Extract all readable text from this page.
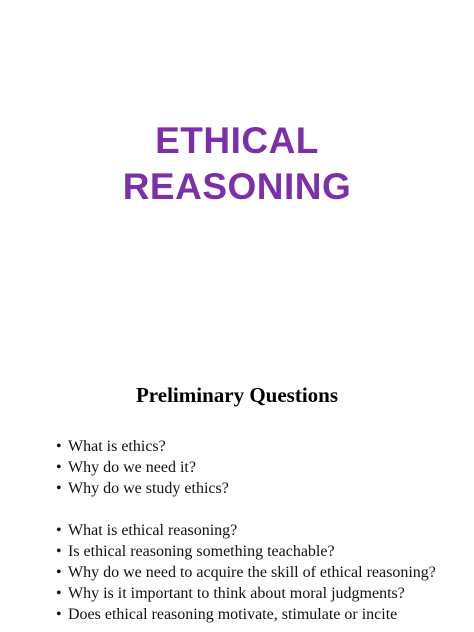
ETHICAL
REASONING
Preliminary Questions
• What is ethics?
• Why do we need it?
• Why do we study ethics?
• What is ethical reasoning?
• Is ethical reasoning something teachable?
• Why do we need to acquire the skill of ethical reasoning?
• Why is it important to think about moral judgments?
• Does ethical reasoning motivate, stimulate or incite
